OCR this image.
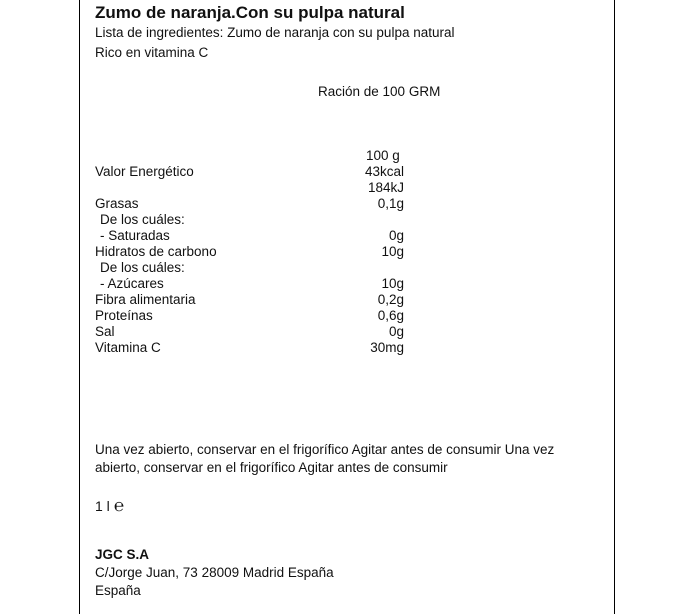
Zumo de naranja.Con su pulpa natural
Lista de ingredientes: Zumo de naranja con su pulpa natural
Rico en vitamina C
Ración de 100 GRM
100 g
Valor Energético	43kcal
184kJ
Grasas	0,1g
De los cuáles:
- Saturadas	0g
Hidratos de carbono	10g
De los cuáles:
- Azúcares	10g
Fibra alimentaria	0,2g
Proteínas	0,6g
Sal	0g
Vitamina C	30mg
Una vez abierto, conservar en el frigorífico Agitar antes de consumir Una vez
abierto, conservar en el frigorífico Agitar antes de consumir
1 l ℮
JGC S.A
C/Jorge Juan, 73 28009 Madrid España
España
